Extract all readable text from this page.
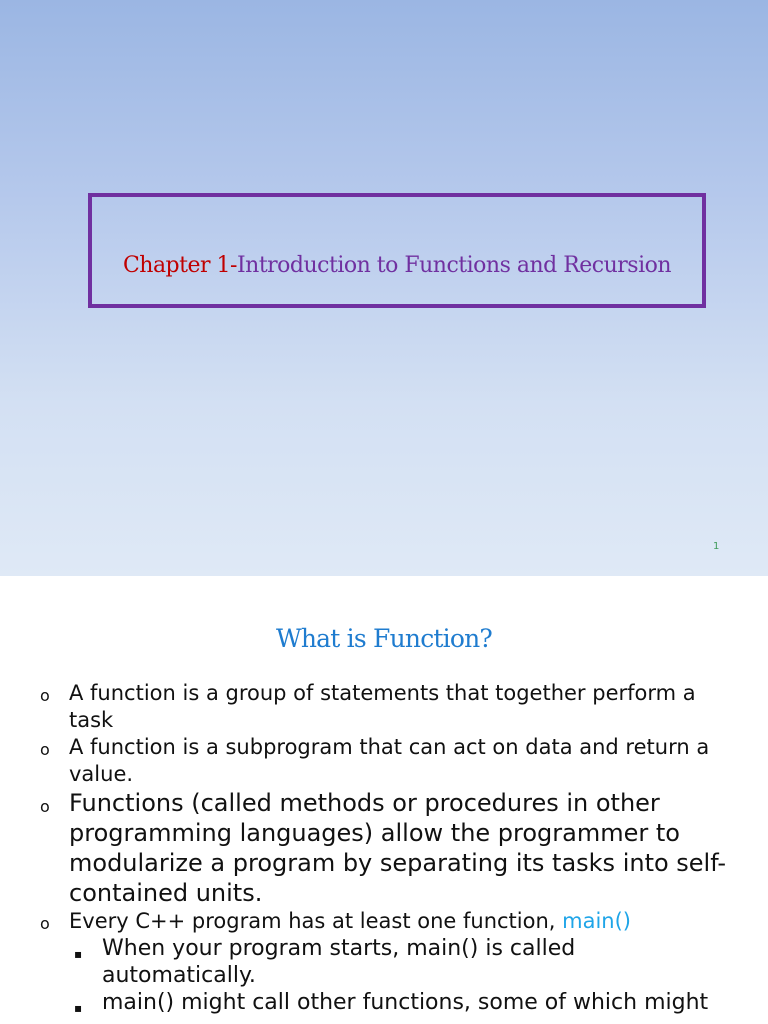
Chapter 1-Introduction to Functions and Recursion
1
What is Function?
o A function is a group of statements that together perform a task
o A function is a subprogram that can act on data and return a value.
o Functions (called methods or procedures in other programming languages) allow the programmer to modularize a program by separating its tasks into self-contained units.
o Every C++ program has at least one function, main()
▪ When your program starts, main() is called automatically.
▪ main() might call other functions, some of which might
